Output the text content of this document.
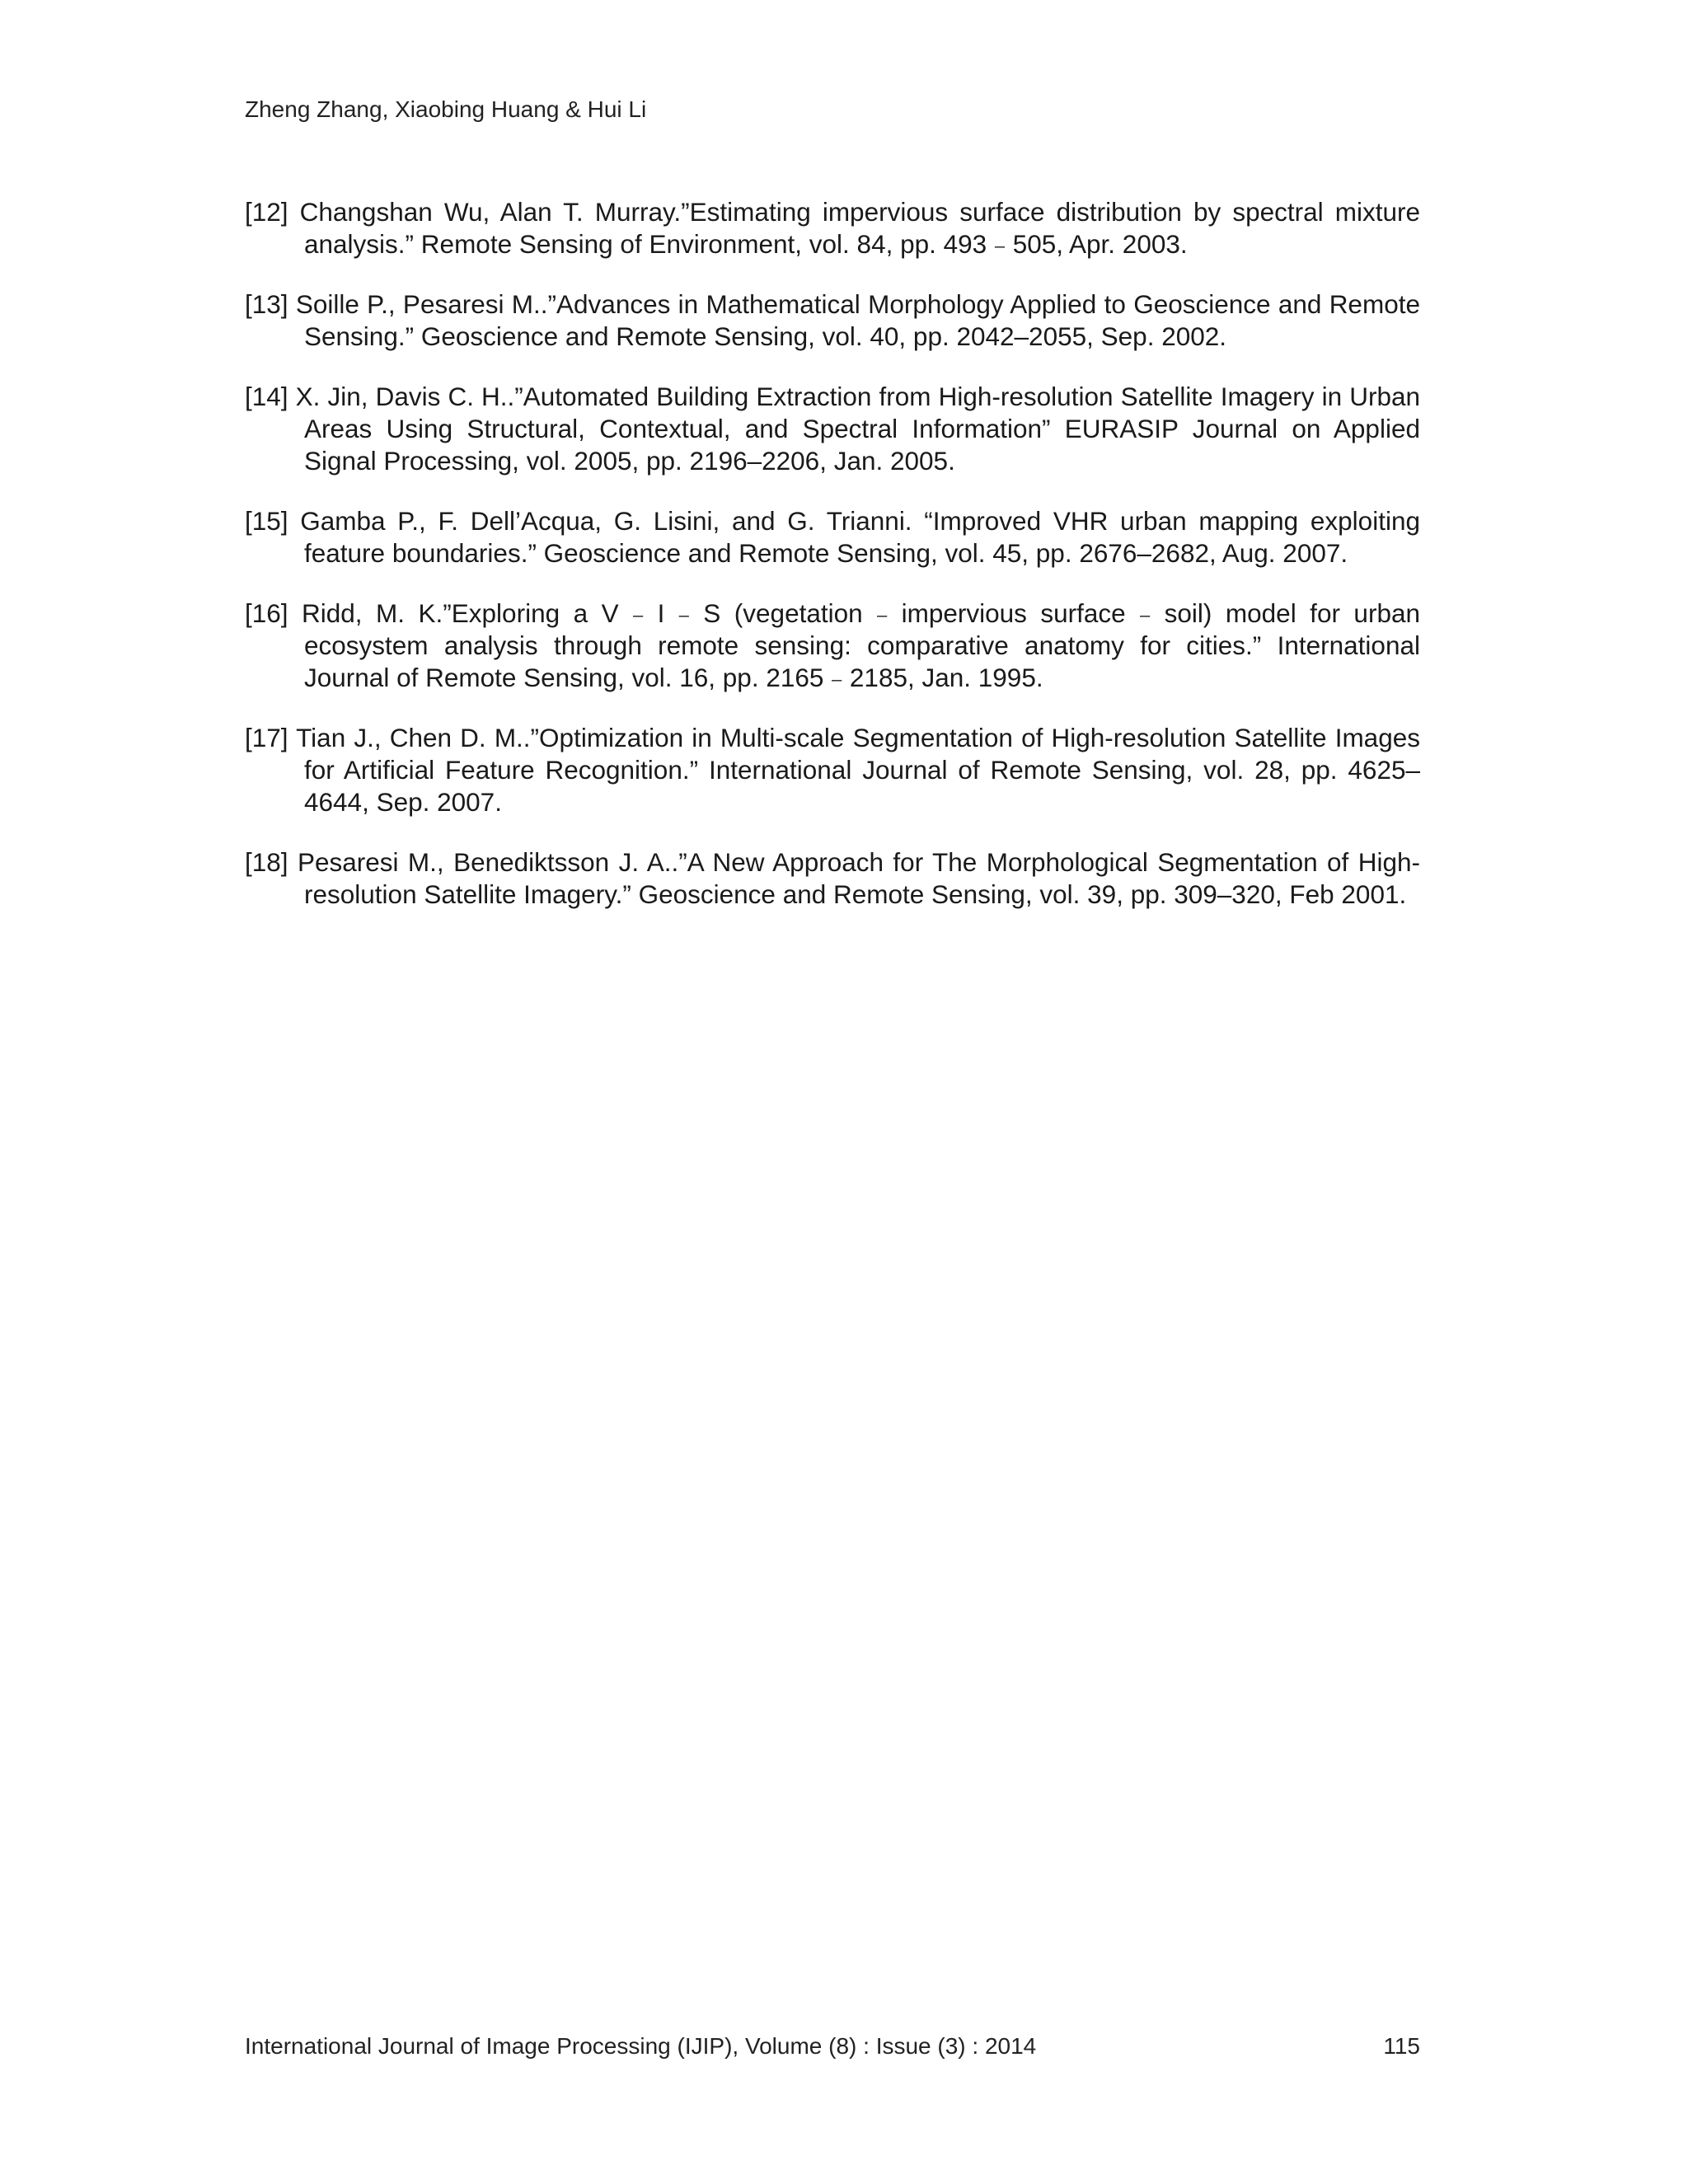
Zheng Zhang, Xiaobing Huang & Hui Li
[12] Changshan Wu, Alan T. Murray.”Estimating impervious surface distribution by spectral mixture analysis.” Remote Sensing of Environment, vol. 84, pp. 493﹣505, Apr. 2003.
[13] Soille P., Pesaresi M..”Advances in Mathematical Morphology Applied to Geoscience and Remote Sensing.” Geoscience and Remote Sensing, vol. 40, pp. 2042–2055, Sep. 2002.
[14] X. Jin, Davis C. H..”Automated Building Extraction from High-resolution Satellite Imagery in Urban Areas Using Structural, Contextual, and Spectral Information” EURASIP Journal on Applied Signal Processing, vol. 2005, pp. 2196–2206, Jan. 2005.
[15] Gamba P., F. Dell’Acqua, G. Lisini, and G. Trianni. “Improved VHR urban mapping exploiting feature boundaries.” Geoscience and Remote Sensing, vol. 45, pp. 2676–2682, Aug. 2007.
[16] Ridd, M. K.”Exploring a V﹣I﹣S (vegetation﹣impervious surface﹣soil) model for urban ecosystem analysis through remote sensing: comparative anatomy for cities.” International Journal of Remote Sensing, vol. 16, pp. 2165﹣2185, Jan. 1995.
[17] Tian J., Chen D. M..”Optimization in Multi-scale Segmentation of High-resolution Satellite Images for Artificial Feature Recognition.” International Journal of Remote Sensing, vol. 28, pp. 4625–4644, Sep. 2007.
[18] Pesaresi M., Benediktsson J. A..”A New Approach for The Morphological Segmentation of High-resolution Satellite Imagery.” Geoscience and Remote Sensing, vol. 39, pp. 309–320, Feb 2001.
International Journal of Image Processing (IJIP), Volume (8) : Issue (3) : 2014	115
